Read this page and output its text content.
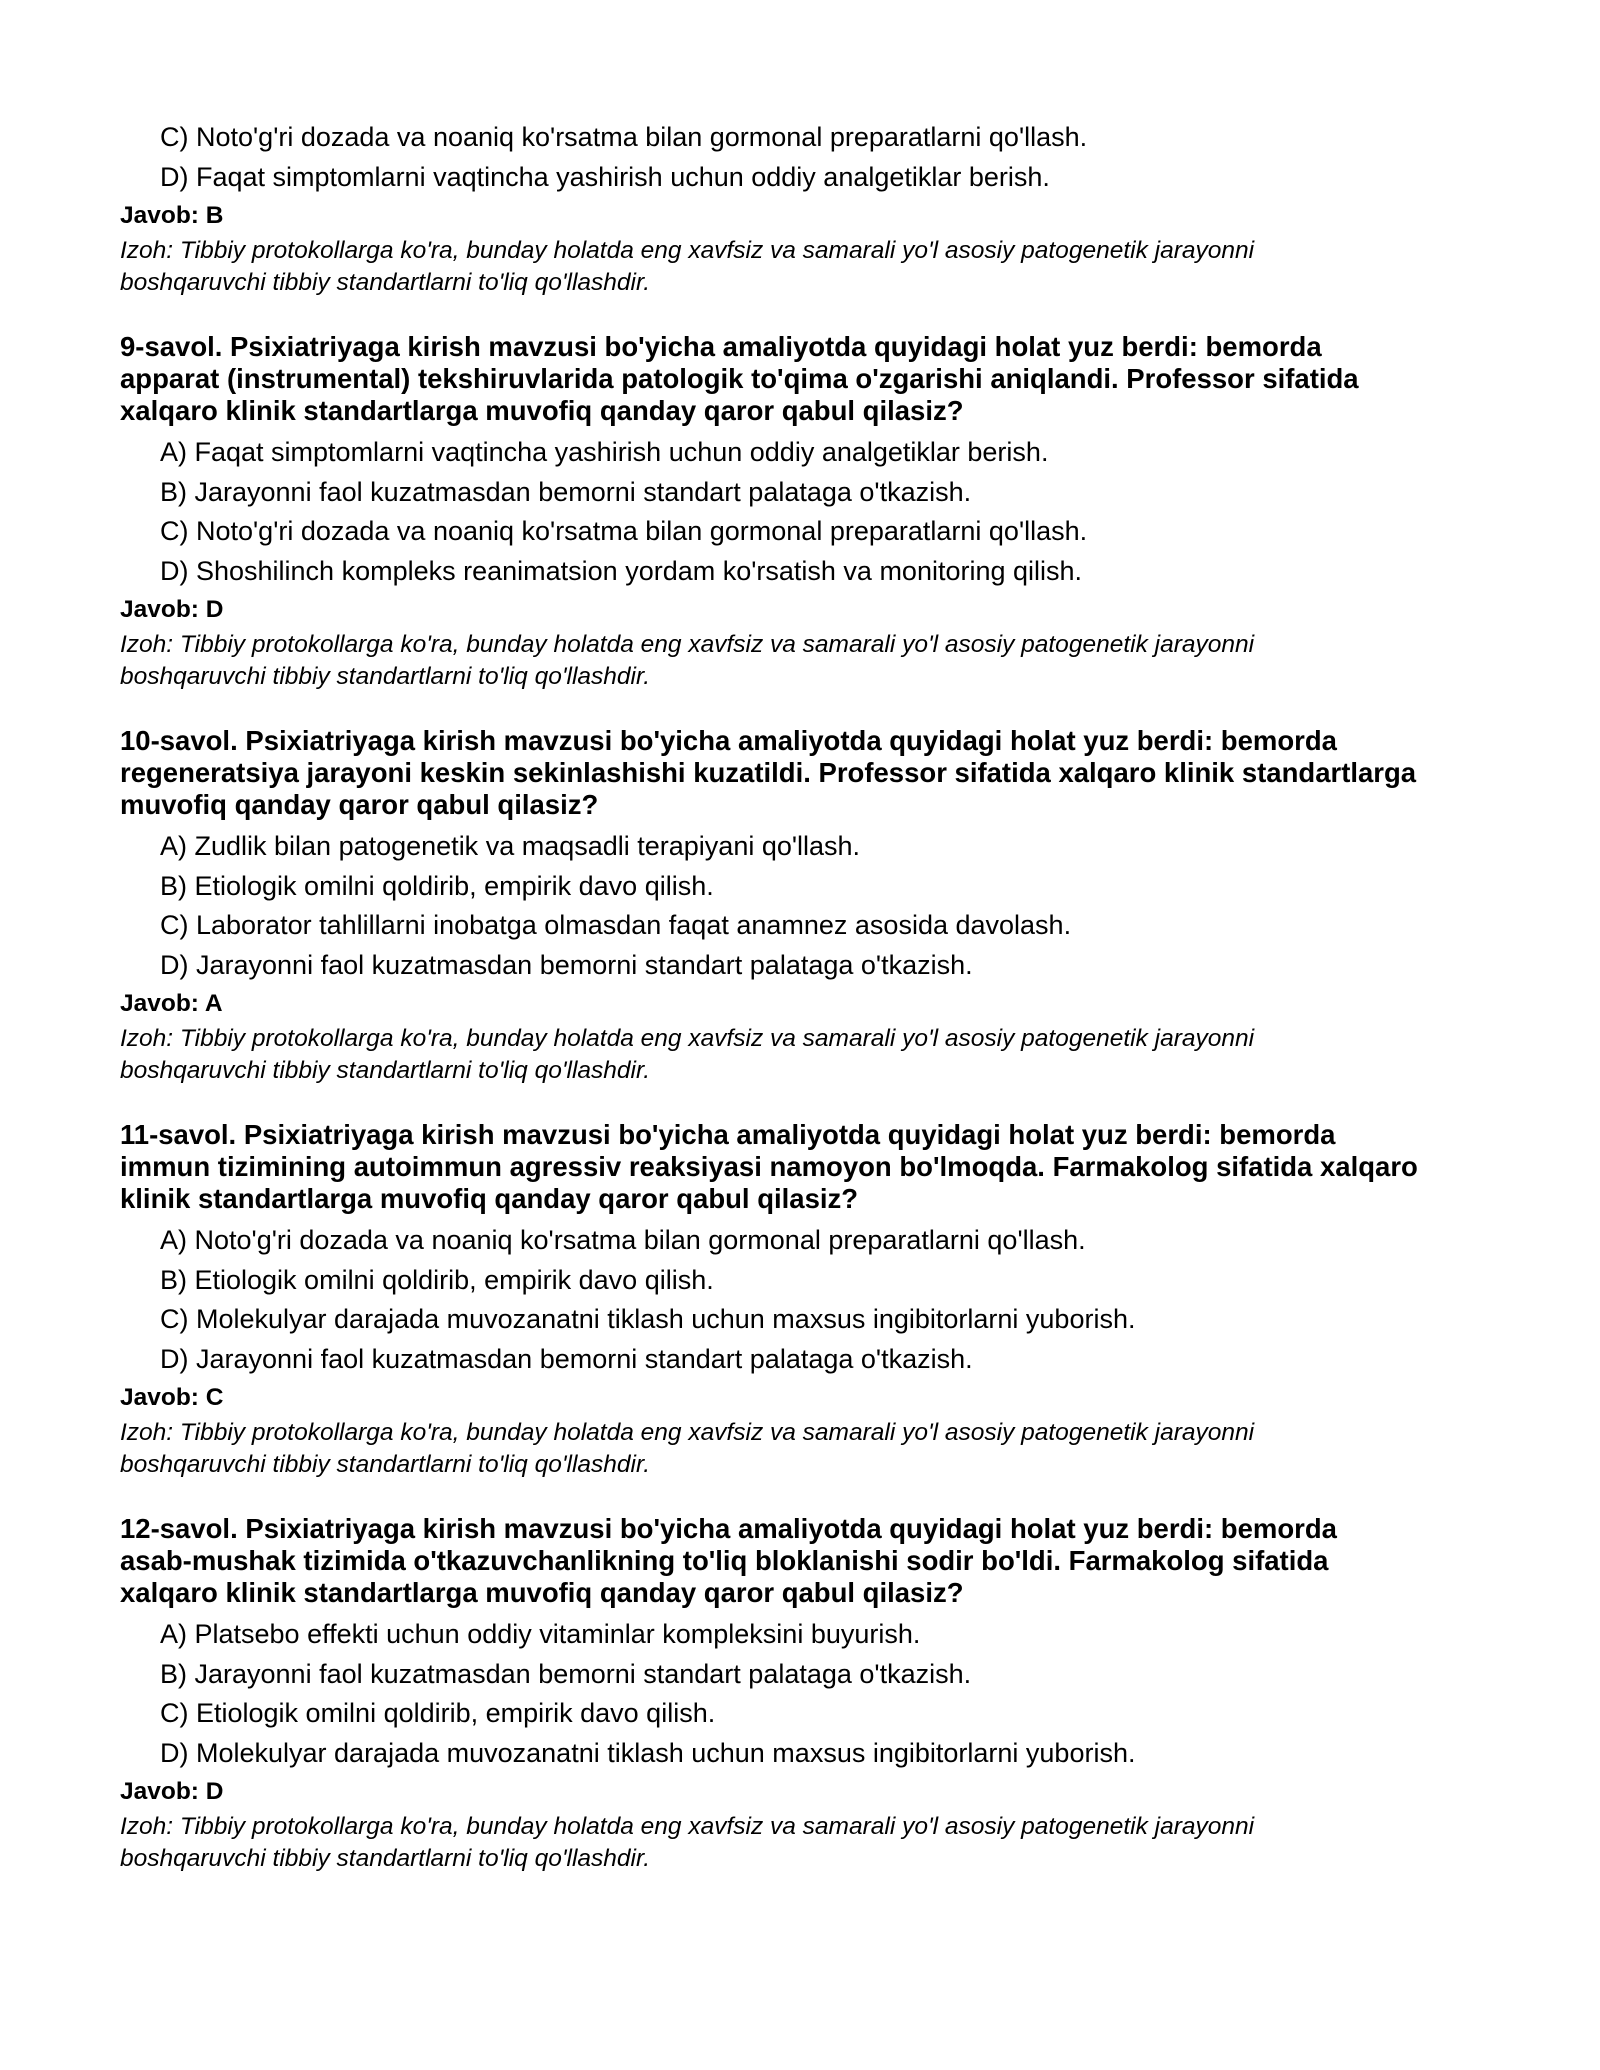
C) Noto'g'ri dozada va noaniq ko'rsatma bilan gormonal preparatlarni qo'llash.
D) Faqat simptomlarni vaqtincha yashirish uchun oddiy analgetiklar berish.
Javob: B
Izoh: Tibbiy protokollarga ko'ra, bunday holatda eng xavfsiz va samarali yo'l asosiy patogenetik jarayonni
boshqaruvchi tibbiy standartlarni to'liq qo'llashdir.
9-savol. Psixiatriyaga kirish mavzusi bo'yicha amaliyotda quyidagi holat yuz berdi: bemorda
apparat (instrumental) tekshiruvlarida patologik to'qima o'zgarishi aniqlandi. Professor sifatida
xalqaro klinik standartlarga muvofiq qanday qaror qabul qilasiz?
A) Faqat simptomlarni vaqtincha yashirish uchun oddiy analgetiklar berish.
B) Jarayonni faol kuzatmasdan bemorni standart palataga o'tkazish.
C) Noto'g'ri dozada va noaniq ko'rsatma bilan gormonal preparatlarni qo'llash.
D) Shoshilinch kompleks reanimatsion yordam ko'rsatish va monitoring qilish.
Javob: D
Izoh: Tibbiy protokollarga ko'ra, bunday holatda eng xavfsiz va samarali yo'l asosiy patogenetik jarayonni
boshqaruvchi tibbiy standartlarni to'liq qo'llashdir.
10-savol. Psixiatriyaga kirish mavzusi bo'yicha amaliyotda quyidagi holat yuz berdi: bemorda
regeneratsiya jarayoni keskin sekinlashishi kuzatildi. Professor sifatida xalqaro klinik standartlarga
muvofiq qanday qaror qabul qilasiz?
A) Zudlik bilan patogenetik va maqsadli terapiyani qo'llash.
B) Etiologik omilni qoldirib, empirik davo qilish.
C) Laborator tahlillarni inobatga olmasdan faqat anamnez asosida davolash.
D) Jarayonni faol kuzatmasdan bemorni standart palataga o'tkazish.
Javob: A
Izoh: Tibbiy protokollarga ko'ra, bunday holatda eng xavfsiz va samarali yo'l asosiy patogenetik jarayonni
boshqaruvchi tibbiy standartlarni to'liq qo'llashdir.
11-savol. Psixiatriyaga kirish mavzusi bo'yicha amaliyotda quyidagi holat yuz berdi: bemorda
immun tizimining autoimmun agressiv reaksiyasi namoyon bo'lmoqda. Farmakolog sifatida xalqaro
klinik standartlarga muvofiq qanday qaror qabul qilasiz?
A) Noto'g'ri dozada va noaniq ko'rsatma bilan gormonal preparatlarni qo'llash.
B) Etiologik omilni qoldirib, empirik davo qilish.
C) Molekulyar darajada muvozanatni tiklash uchun maxsus ingibitorlarni yuborish.
D) Jarayonni faol kuzatmasdan bemorni standart palataga o'tkazish.
Javob: C
Izoh: Tibbiy protokollarga ko'ra, bunday holatda eng xavfsiz va samarali yo'l asosiy patogenetik jarayonni
boshqaruvchi tibbiy standartlarni to'liq qo'llashdir.
12-savol. Psixiatriyaga kirish mavzusi bo'yicha amaliyotda quyidagi holat yuz berdi: bemorda
asab-mushak tizimida o'tkazuvchanlikning to'liq bloklanishi sodir bo'ldi. Farmakolog sifatida
xalqaro klinik standartlarga muvofiq qanday qaror qabul qilasiz?
A) Platsebo effekti uchun oddiy vitaminlar kompleksini buyurish.
B) Jarayonni faol kuzatmasdan bemorni standart palataga o'tkazish.
C) Etiologik omilni qoldirib, empirik davo qilish.
D) Molekulyar darajada muvozanatni tiklash uchun maxsus ingibitorlarni yuborish.
Javob: D
Izoh: Tibbiy protokollarga ko'ra, bunday holatda eng xavfsiz va samarali yo'l asosiy patogenetik jarayonni
boshqaruvchi tibbiy standartlarni to'liq qo'llashdir.
